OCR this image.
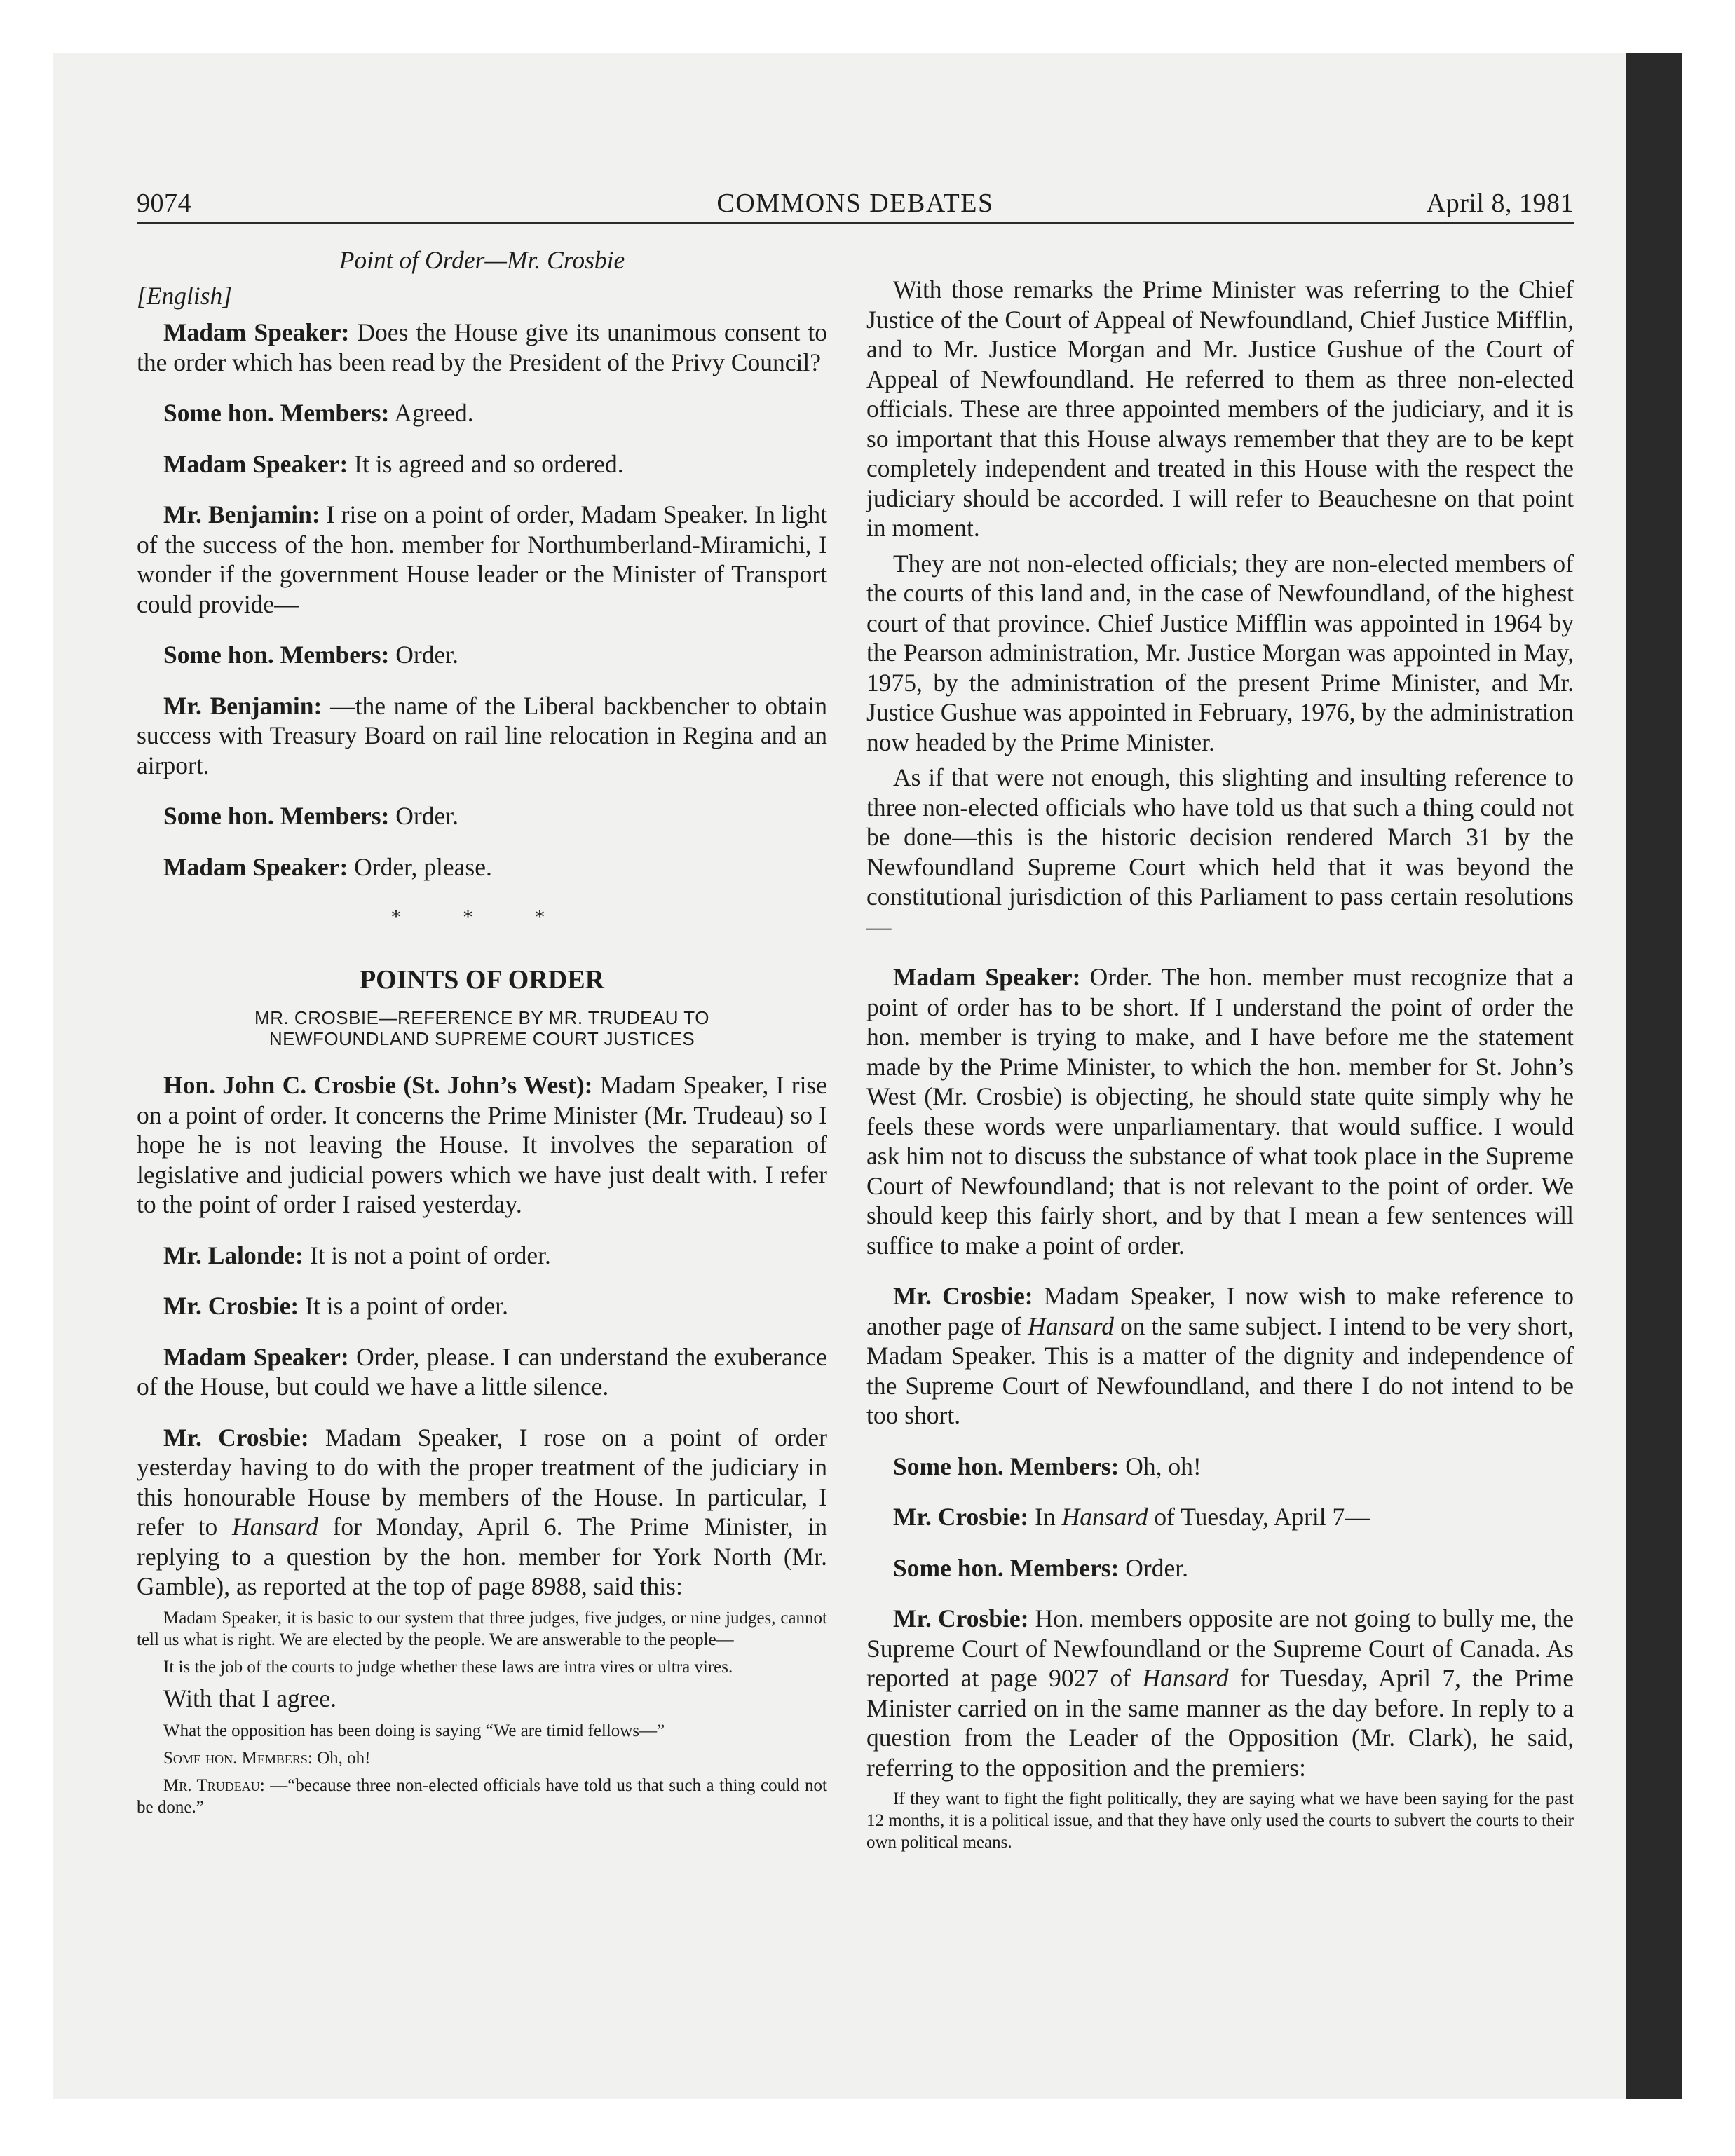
9074	COMMONS DEBATES	April 8, 1981

Point of Order—Mr. Crosbie

[English]

Madam Speaker: Does the House give its unanimous consent to the order which has been read by the President of the Privy Council?

Some hon. Members: Agreed.

Madam Speaker: It is agreed and so ordered.

Mr. Benjamin: I rise on a point of order, Madam Speaker. In light of the success of the hon. member for Northumberland-Miramichi, I wonder if the government House leader or the Minister of Transport could provide—

Some hon. Members: Order.

Mr. Benjamin: —the name of the Liberal backbencher to obtain success with Treasury Board on rail line relocation in Regina and an airport.

Some hon. Members: Order.

Madam Speaker: Order, please.

* * *

POINTS OF ORDER

MR. CROSBIE—REFERENCE BY MR. TRUDEAU TO
NEWFOUNDLAND SUPREME COURT JUSTICES

Hon. John C. Crosbie (St. John’s West): Madam Speaker, I rise on a point of order. It concerns the Prime Minister (Mr. Trudeau) so I hope he is not leaving the House. It involves the separation of legislative and judicial powers which we have just dealt with. I refer to the point of order I raised yesterday.

Mr. Lalonde: It is not a point of order.

Mr. Crosbie: It is a point of order.

Madam Speaker: Order, please. I can understand the exuberance of the House, but could we have a little silence.

Mr. Crosbie: Madam Speaker, I rose on a point of order yesterday having to do with the proper treatment of the judiciary in this honourable House by members of the House. In particular, I refer to Hansard for Monday, April 6. The Prime Minister, in replying to a question by the hon. member for York North (Mr. Gamble), as reported at the top of page 8988, said this:

Madam Speaker, it is basic to our system that three judges, five judges, or nine judges, cannot tell us what is right. We are elected by the people. We are answerable to the people—

It is the job of the courts to judge whether these laws are intra vires or ultra vires.

With that I agree.

What the opposition has been doing is saying “We are timid fellows—”

Some hon. Members: Oh, oh!

Mr. Trudeau: —“because three non-elected officials have told us that such a thing could not be done.”

With those remarks the Prime Minister was referring to the Chief Justice of the Court of Appeal of Newfoundland, Chief Justice Mifflin, and to Mr. Justice Morgan and Mr. Justice Gushue of the Court of Appeal of Newfoundland. He referred to them as three non-elected officials. These are three appointed members of the judiciary, and it is so important that this House always remember that they are to be kept completely independent and treated in this House with the respect the judiciary should be accorded. I will refer to Beauchesne on that point in moment.

They are not non-elected officials; they are non-elected members of the courts of this land and, in the case of Newfoundland, of the highest court of that province. Chief Justice Mifflin was appointed in 1964 by the Pearson administration, Mr. Justice Morgan was appointed in May, 1975, by the administration of the present Prime Minister, and Mr. Justice Gushue was appointed in February, 1976, by the administration now headed by the Prime Minister.

As if that were not enough, this slighting and insulting reference to three non-elected officials who have told us that such a thing could not be done—this is the historic decision rendered March 31 by the Newfoundland Supreme Court which held that it was beyond the constitutional jurisdiction of this Parliament to pass certain resolutions—

Madam Speaker: Order. The hon. member must recognize that a point of order has to be short. If I understand the point of order the hon. member is trying to make, and I have before me the statement made by the Prime Minister, to which the hon. member for St. John’s West (Mr. Crosbie) is objecting, he should state quite simply why he feels these words were unparliamentary. that would suffice. I would ask him not to discuss the substance of what took place in the Supreme Court of Newfoundland; that is not relevant to the point of order. We should keep this fairly short, and by that I mean a few sentences will suffice to make a point of order.

Mr. Crosbie: Madam Speaker, I now wish to make reference to another page of Hansard on the same subject. I intend to be very short, Madam Speaker. This is a matter of the dignity and independence of the Supreme Court of Newfoundland, and there I do not intend to be too short.

Some hon. Members: Oh, oh!

Mr. Crosbie: In Hansard of Tuesday, April 7—

Some hon. Members: Order.

Mr. Crosbie: Hon. members opposite are not going to bully me, the Supreme Court of Newfoundland or the Supreme Court of Canada. As reported at page 9027 of Hansard for Tuesday, April 7, the Prime Minister carried on in the same manner as the day before. In reply to a question from the Leader of the Opposition (Mr. Clark), he said, referring to the opposition and the premiers:

If they want to fight the fight politically, they are saying what we have been saying for the past 12 months, it is a political issue, and that they have only used the courts to subvert the courts to their own political means.
